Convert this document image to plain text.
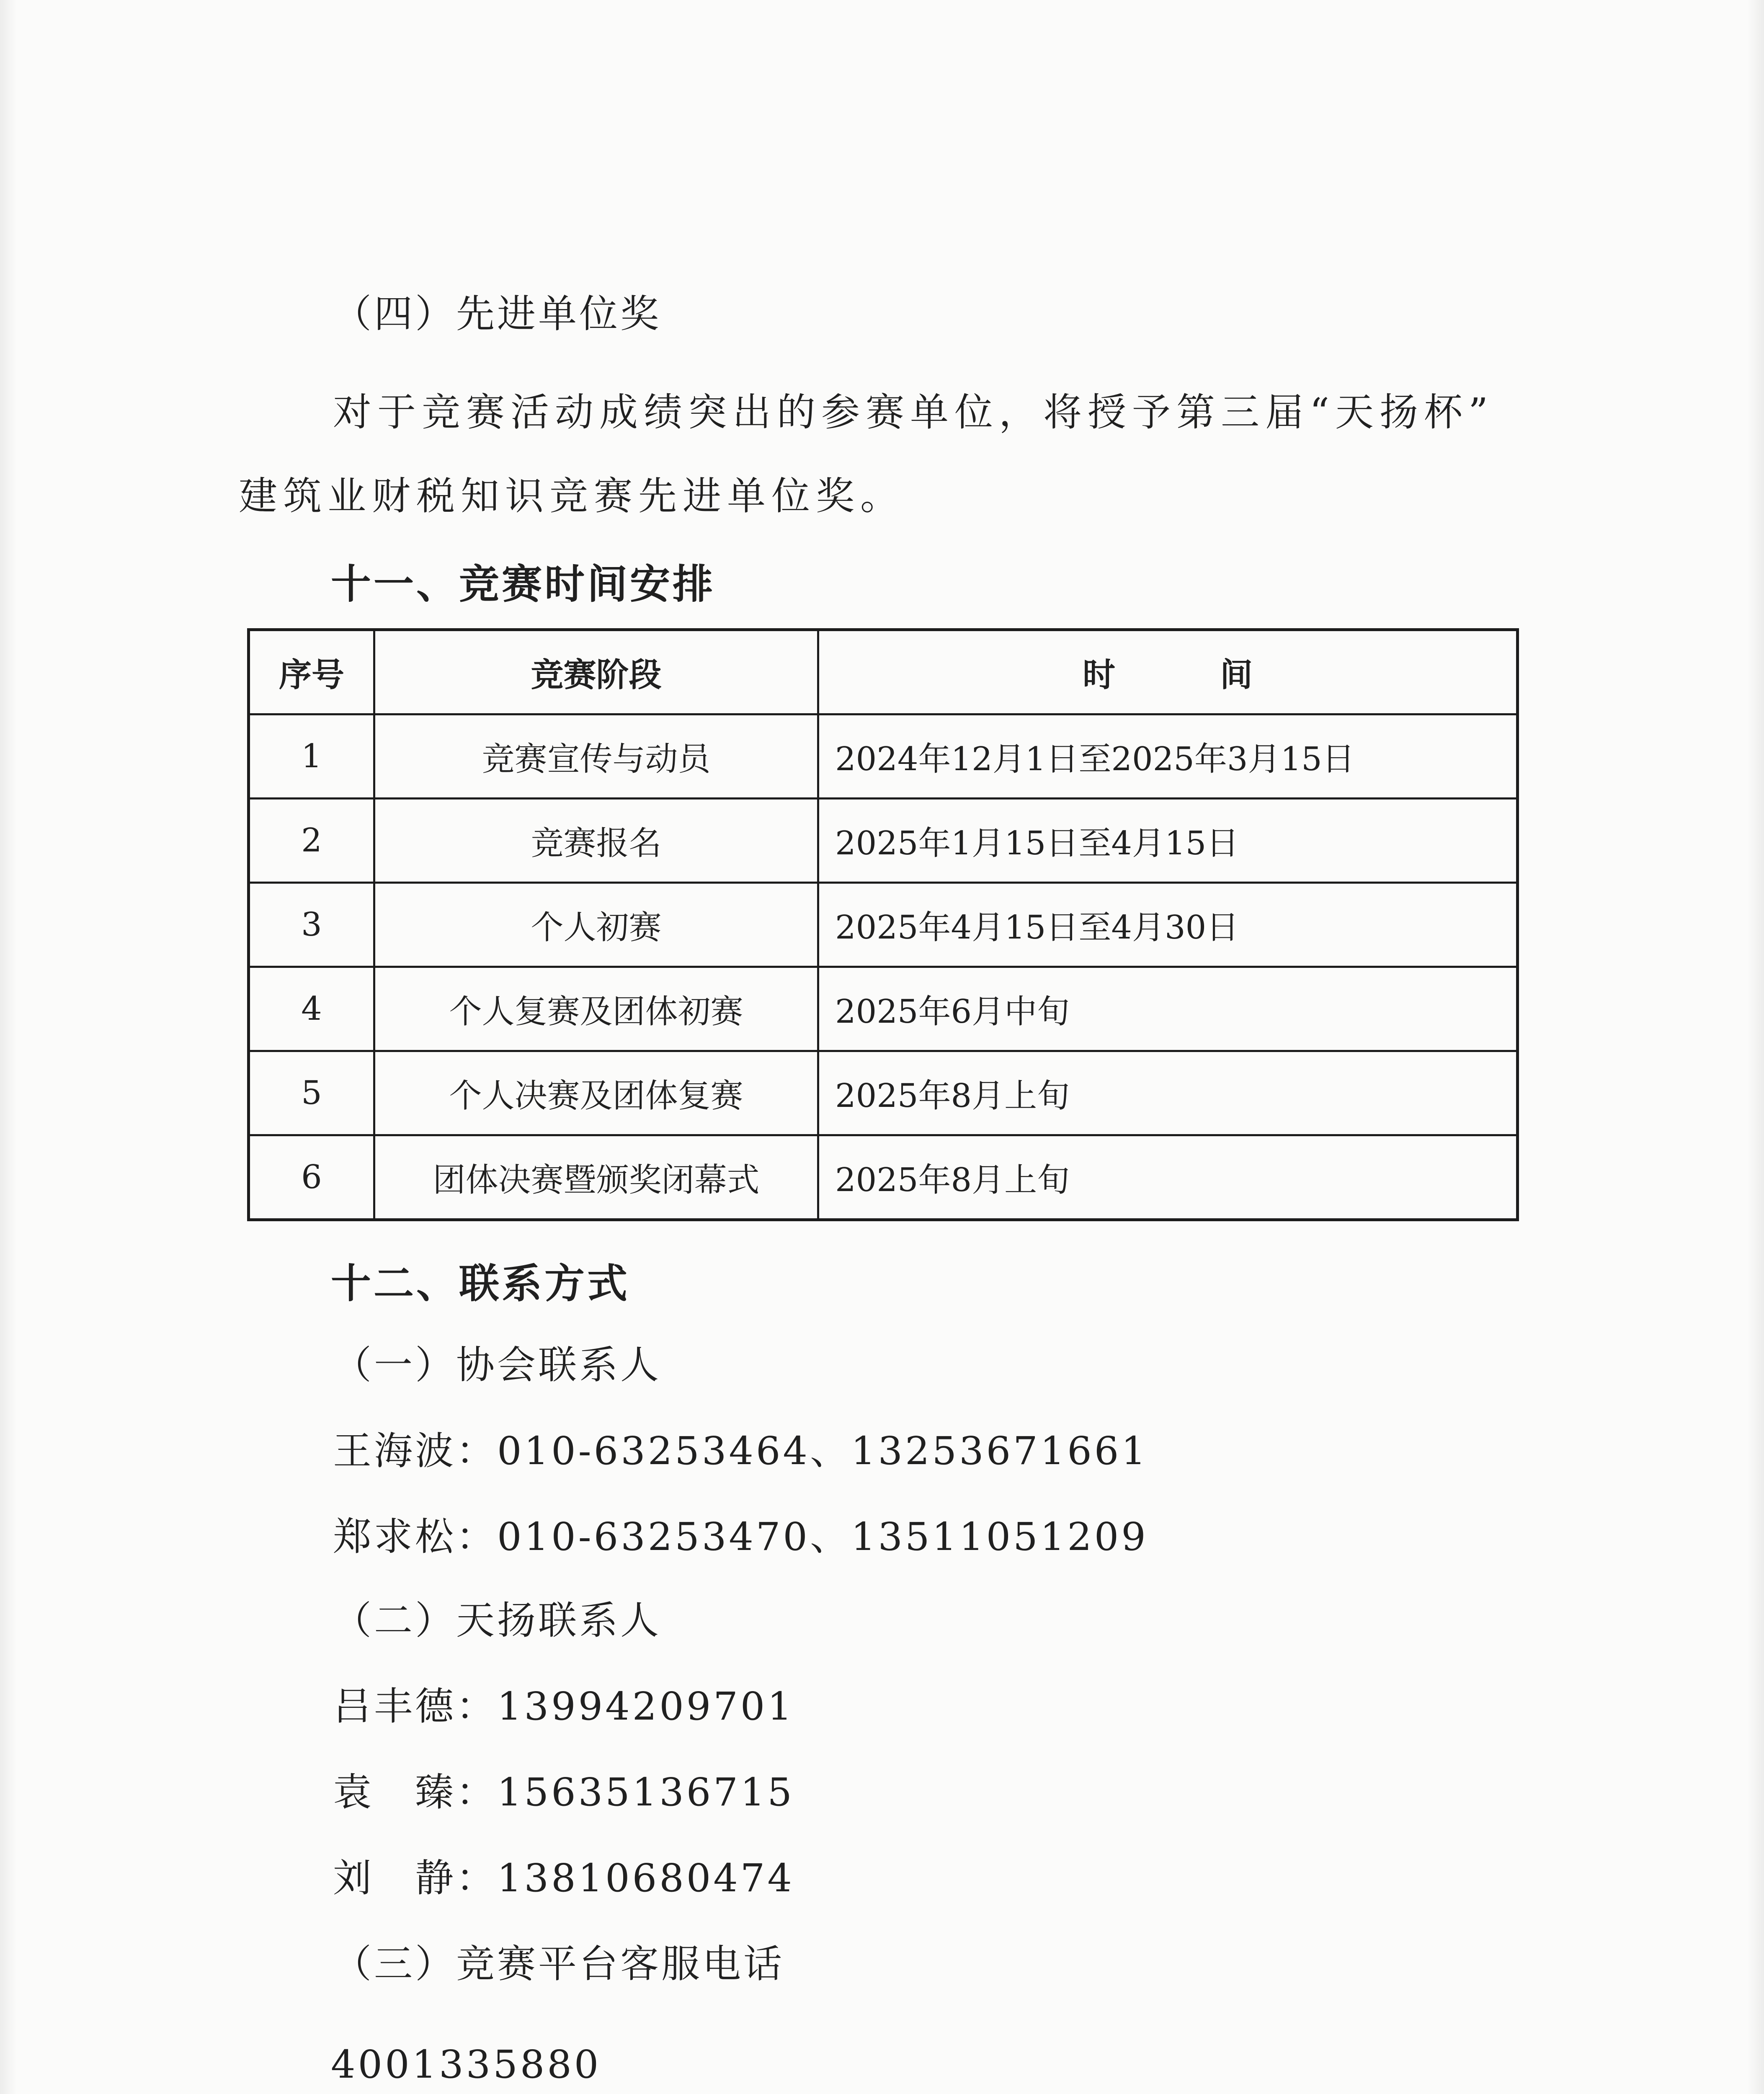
（四）先进单位奖
对于竞赛活动成绩突出的参赛单位，将授予第三届“天扬杯”
建筑业财税知识竞赛先进单位奖。
十一、竞赛时间安排
序号	竞赛阶段	时间
1	竞赛宣传与动员	2024年12月1日至2025年3月15日
2	竞赛报名	2025年1月15日至4月15日
3	个人初赛	2025年4月15日至4月30日
4	个人复赛及团体初赛	2025年6月中旬
5	个人决赛及团体复赛	2025年8月上旬
6	团体决赛暨颁奖闭幕式	2025年8月上旬
十二、联系方式
（一）协会联系人
王海波：010-63253464、13253671661
郑求松：010-63253470、13511051209
（二）天扬联系人
吕丰德：13994209701
袁　臻：15635136715
刘　静：13810680474
（三）竞赛平台客服电话
4001335880
